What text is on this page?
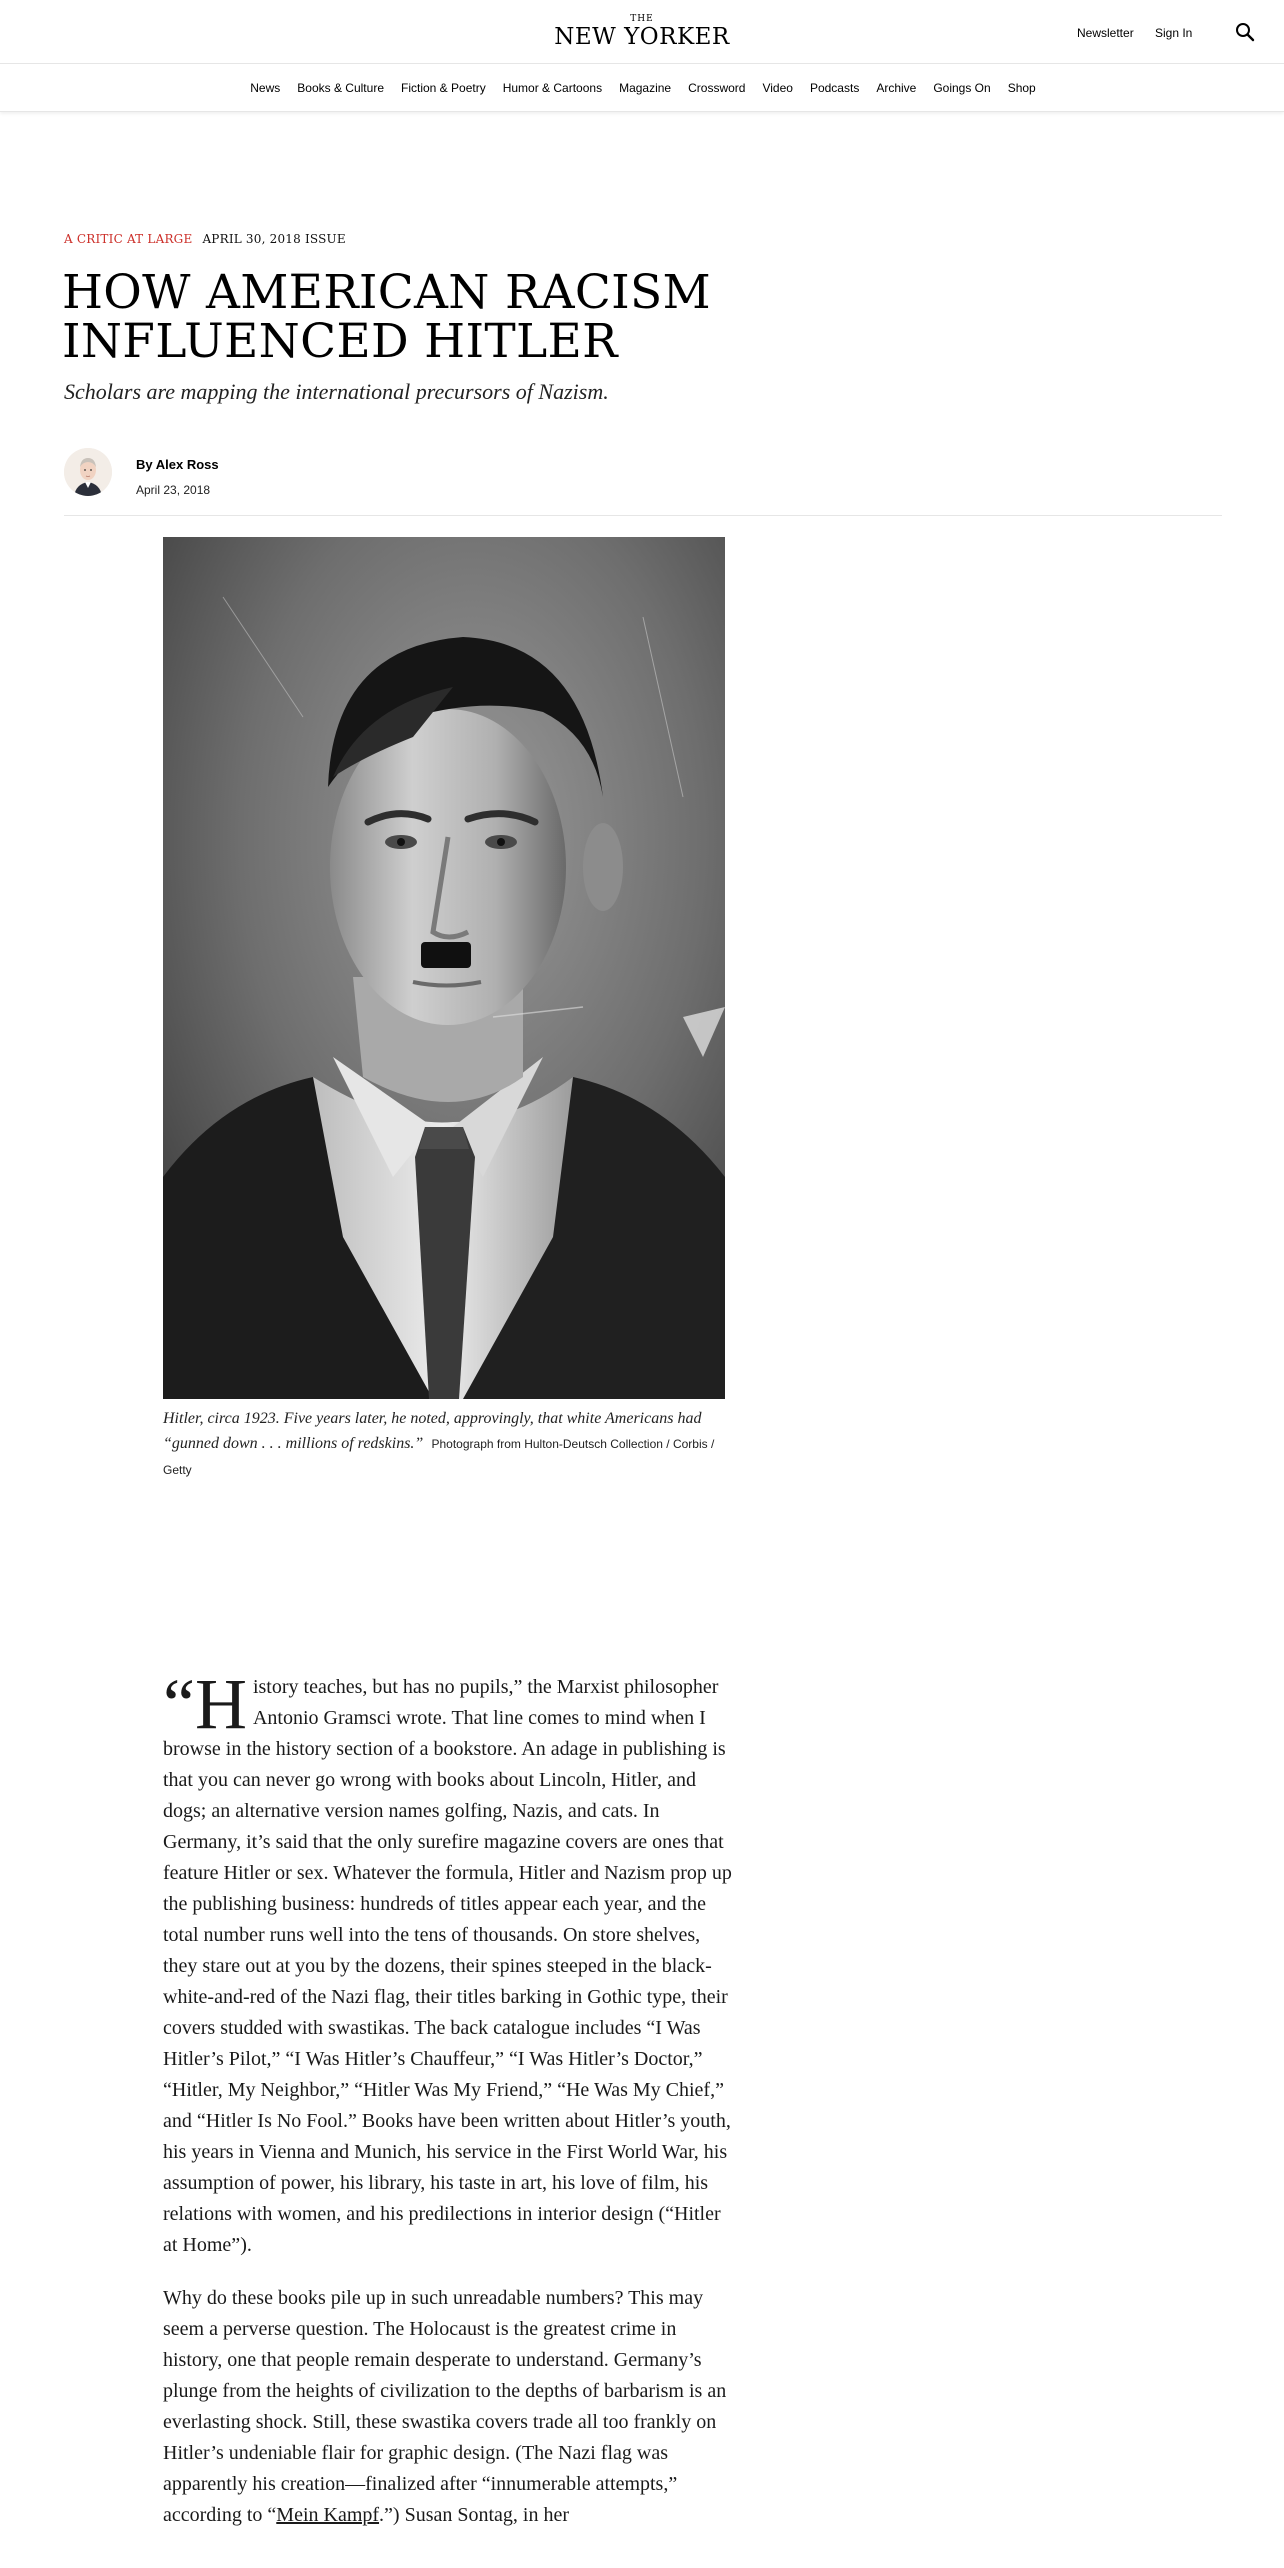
THE
NEW YORKER	Newsletter Sign In
News Books & Culture Fiction & Poetry Humor & Cartoons Magazine Crossword Video Podcasts Archive Goings On Shop
A CRITIC AT LARGE APRIL 30, 2018 ISSUE
HOW AMERICAN RACISM INFLUENCED HITLER

Scholars are mapping the international precursors of Nazism.

By Alex Ross
April 23, 2018
Hitler, circa 1923. Five years later, he noted, approvingly, that white Americans had “gunned down . . . millions of redskins.” Photograph from Hulton-Deutsch Collection / Corbis / Getty

“History teaches, but has no pupils,” the Marxist philosopher Antonio Gramsci wrote. That line comes to mind when I browse in the history section of a bookstore. An adage in publishing is that you can never go wrong with books about Lincoln, Hitler, and dogs; an alternative version names golfing, Nazis, and cats. In Germany, it’s said that the only surefire magazine covers are ones that feature Hitler or sex. Whatever the formula, Hitler and Nazism prop up the publishing business: hundreds of titles appear each year, and the total number runs well into the tens of thousands. On store shelves, they stare out at you by the dozens, their spines steeped in the black-white-and-red of the Nazi flag, their titles barking in Gothic type, their covers studded with swastikas. The back catalogue includes “I Was Hitler’s Pilot,” “I Was Hitler’s Chauffeur,” “I Was Hitler’s Doctor,” “Hitler, My Neighbor,” “Hitler Was My Friend,” “He Was My Chief,” and “Hitler Is No Fool.” Books have been written about Hitler’s youth, his years in Vienna and Munich, his service in the First World War, his assumption of power, his library, his taste in art, his love of film, his relations with women, and his predilections in interior design (“Hitler at Home”).

Why do these books pile up in such unreadable numbers? This may seem a perverse question. The Holocaust is the greatest crime in history, one that people remain desperate to understand. Germany’s plunge from the heights of civilization to the depths of barbarism is an everlasting shock. Still, these swastika covers trade all too frankly on Hitler’s undeniable flair for graphic design. (The Nazi flag was apparently his creation—finalized after “innumerable attempts,” according to “Mein Kampf.”) Susan Sontag, in her
